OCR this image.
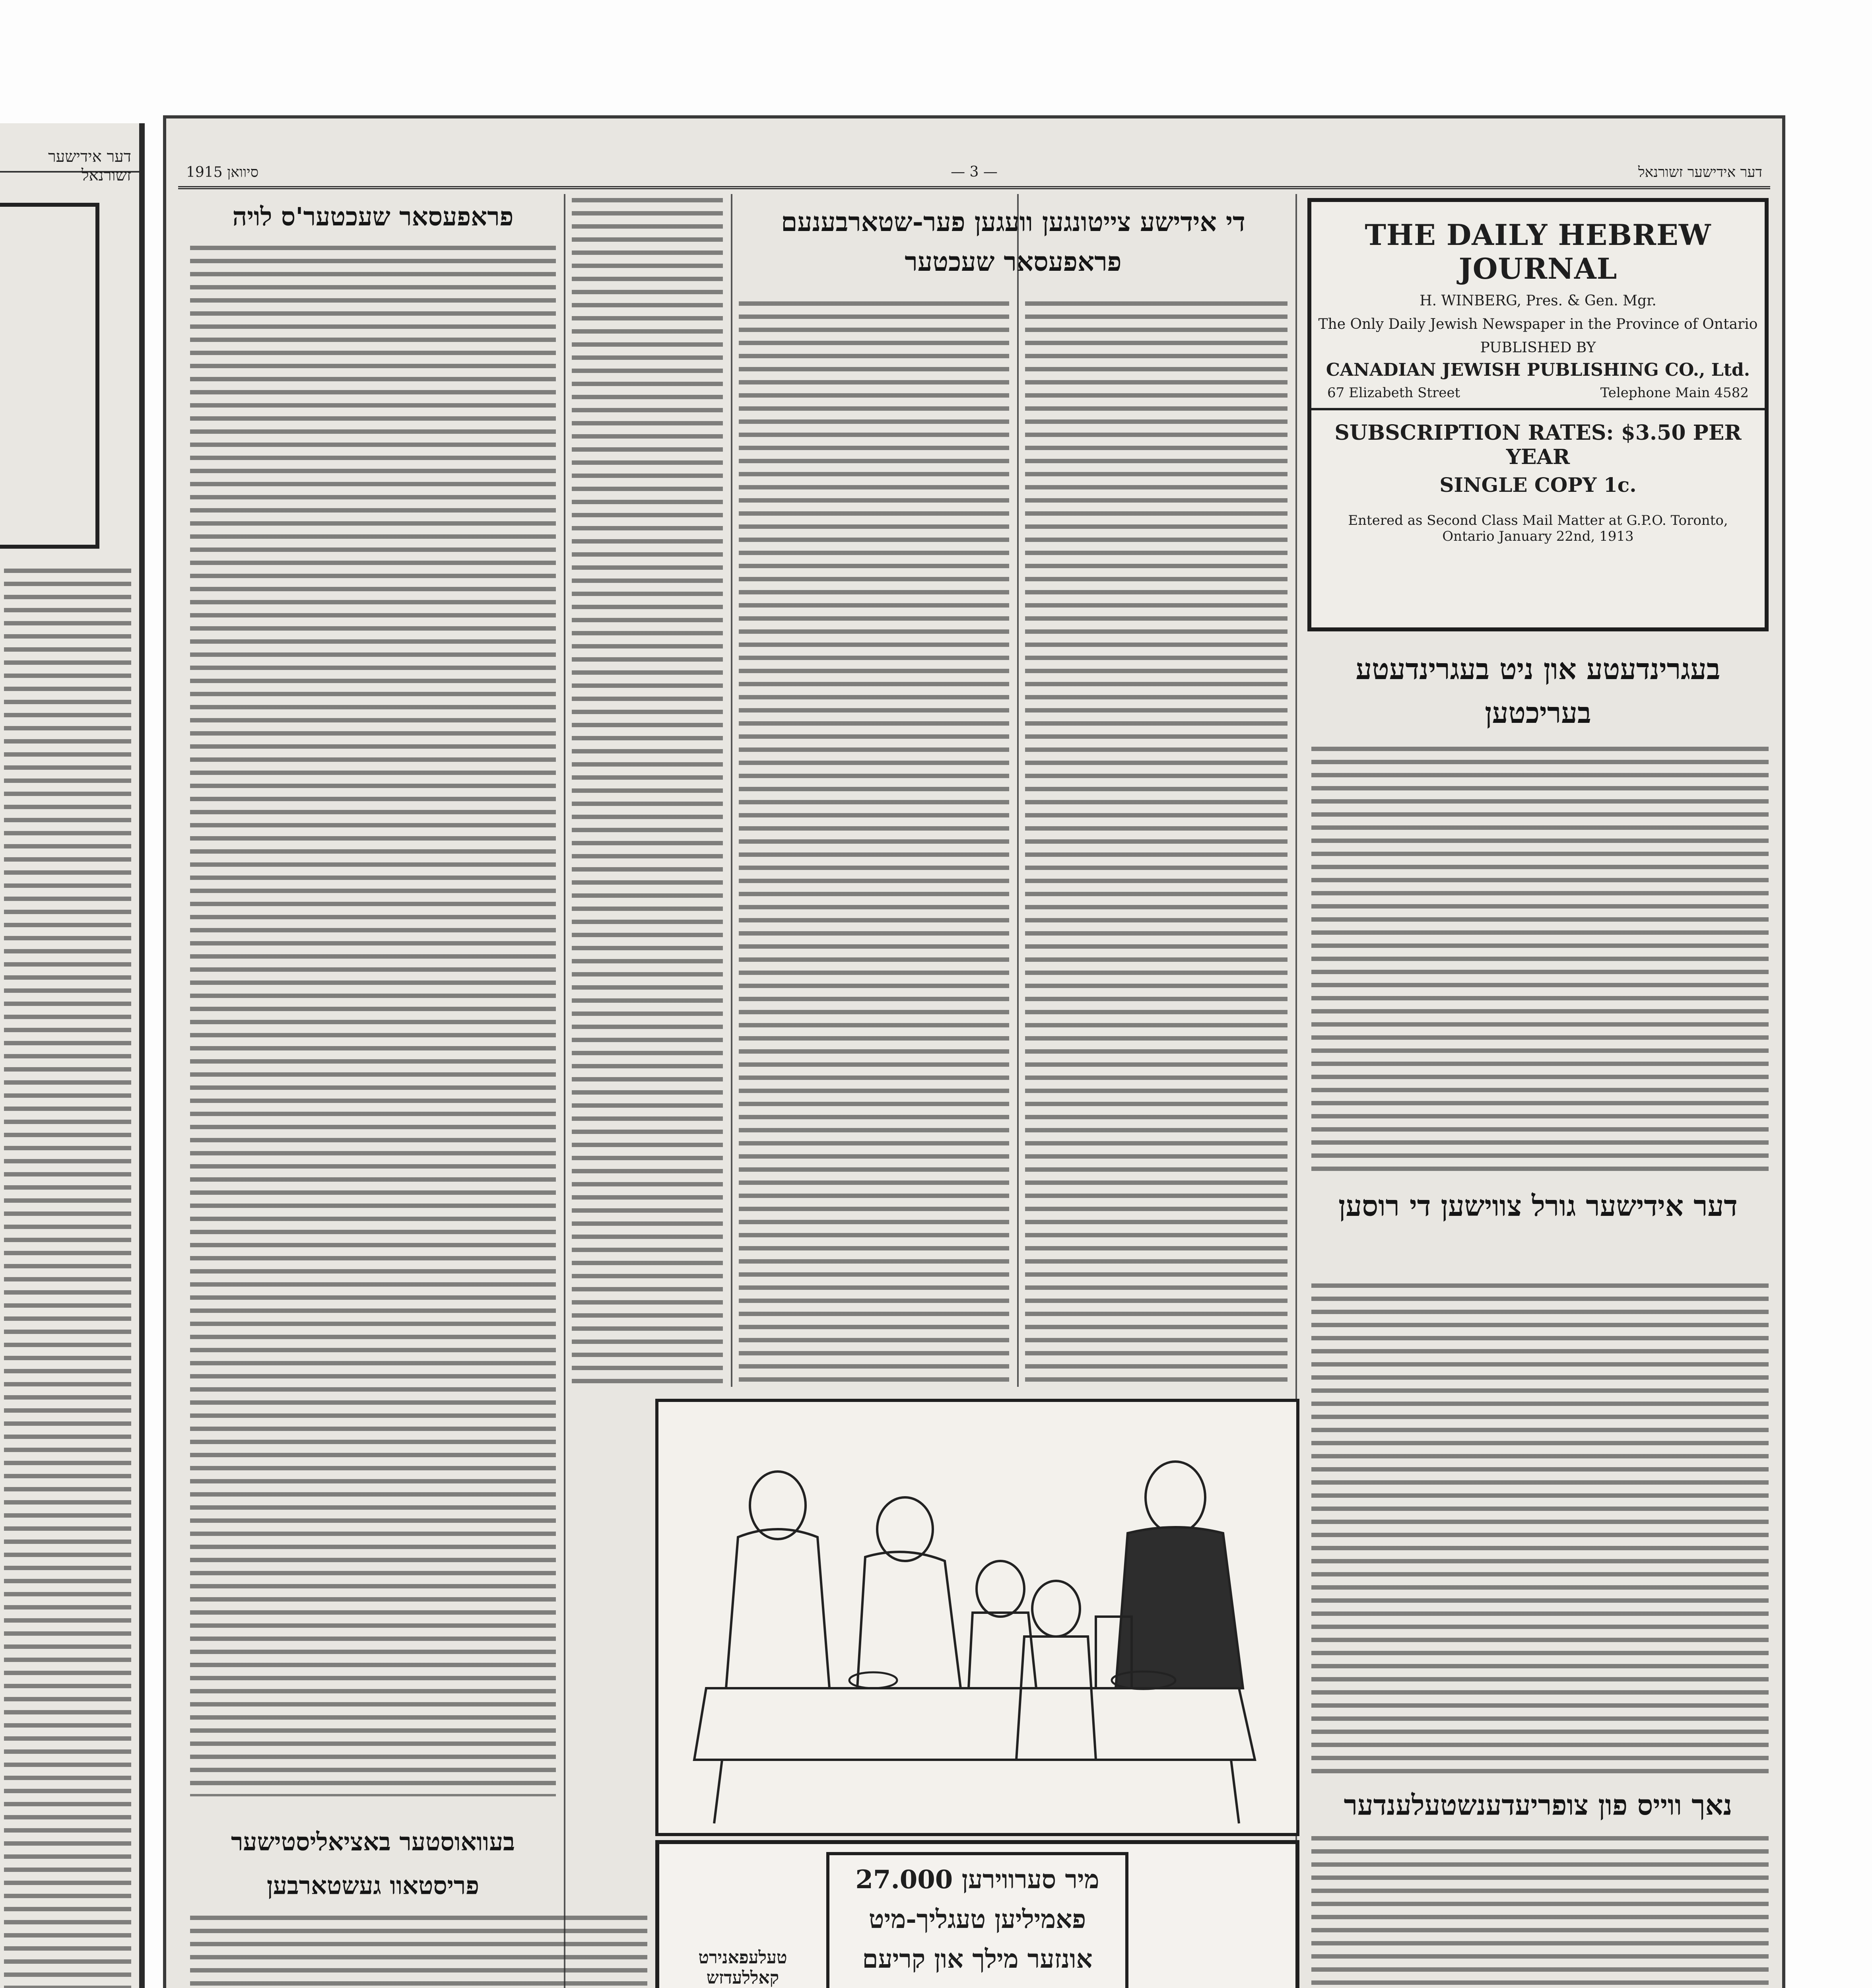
דער אידישער זשורנאל	סיוואן 1915	— 3 —	דער אידישער זשורנאל
פראפעסאר שעכטער'ס לויה	די אידישע צייטונגען וועגען פער-שטארבענעם פראפעסאר שעכטער
THE DAILY HEBREW JOURNAL
H. WINBERG, Pres. & Gen. Mgr.
The Only Daily Jewish Newspaper in the Province of Ontario
PUBLISHED BY
CANADIAN JEWISH PUBLISHING CO., Ltd.
67 Elizabeth Street	Telephone Main 4582
SUBSCRIPTION RATES: $3.50 PER YEAR
SINGLE COPY 1c.
Entered as Second Class Mail Matter at G.P.O. Toronto, Ontario January 22nd, 1913
בעגרינדעטע און ניט בעגרינדעטע בעריכטען
דער אידישער גורל צווישען די רוסען
נאך ווייס פון צופריעדענשטעלענדער
בעוואוסטער באציאליסטישער פריסטאוו געשטארבען	מיר סערווירען 27.000 פאמיליען טעגליך-מיט אונזער מילך און קריעם
טעלעפאנירט קאללעדזש
